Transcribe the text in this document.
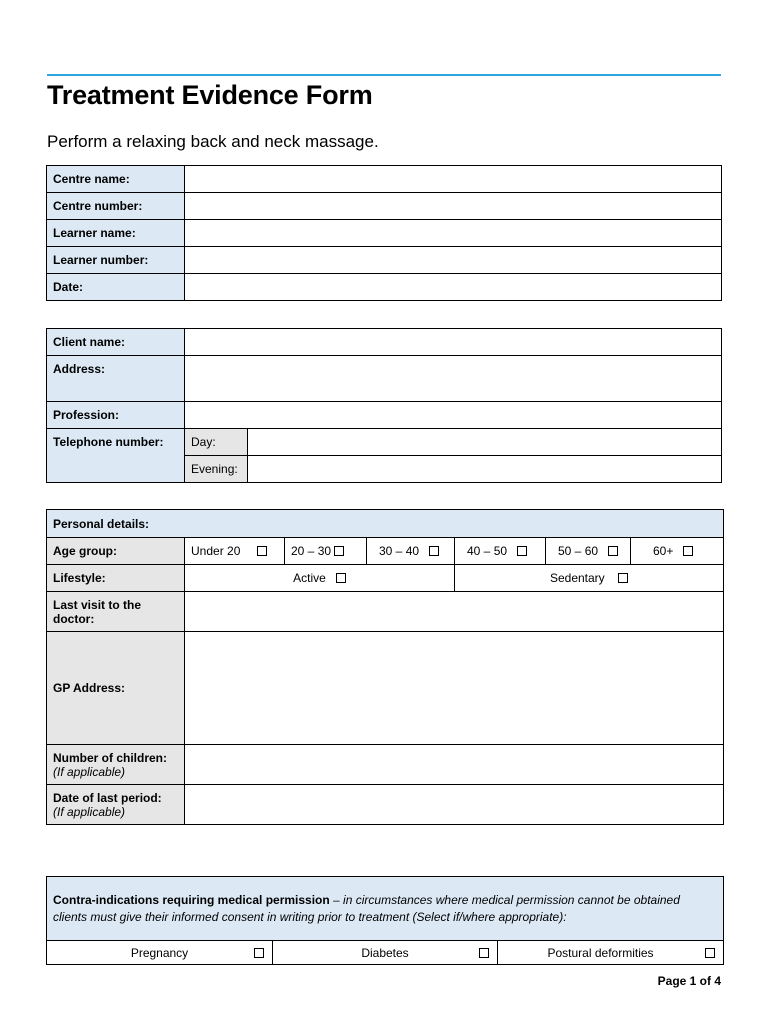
Treatment Evidence Form
Perform a relaxing back and neck massage.
Centre name:	
Centre number:	
Learner name:	
Learner number:	
Date:	
Client name:		
Address:		
Profession:		
Telephone number:	Day:	
	Evening:	
Personal details:						
Age group:	Under 20	20 – 30	30 – 40	40 – 50	50 – 60	60+
Lifestyle:	Active			Sedentary		
Last visit to the doctor:						
GP Address:						
Number of children:
(If applicable)						
Date of last period:
(If applicable)						
Contra-indications requiring medical permission – in circumstances where medical permission cannot be obtained clients must give their informed consent in writing prior to treatment (Select if/where appropriate):
Pregnancy	Diabetes	Postural deformities
Page 1 of 4
